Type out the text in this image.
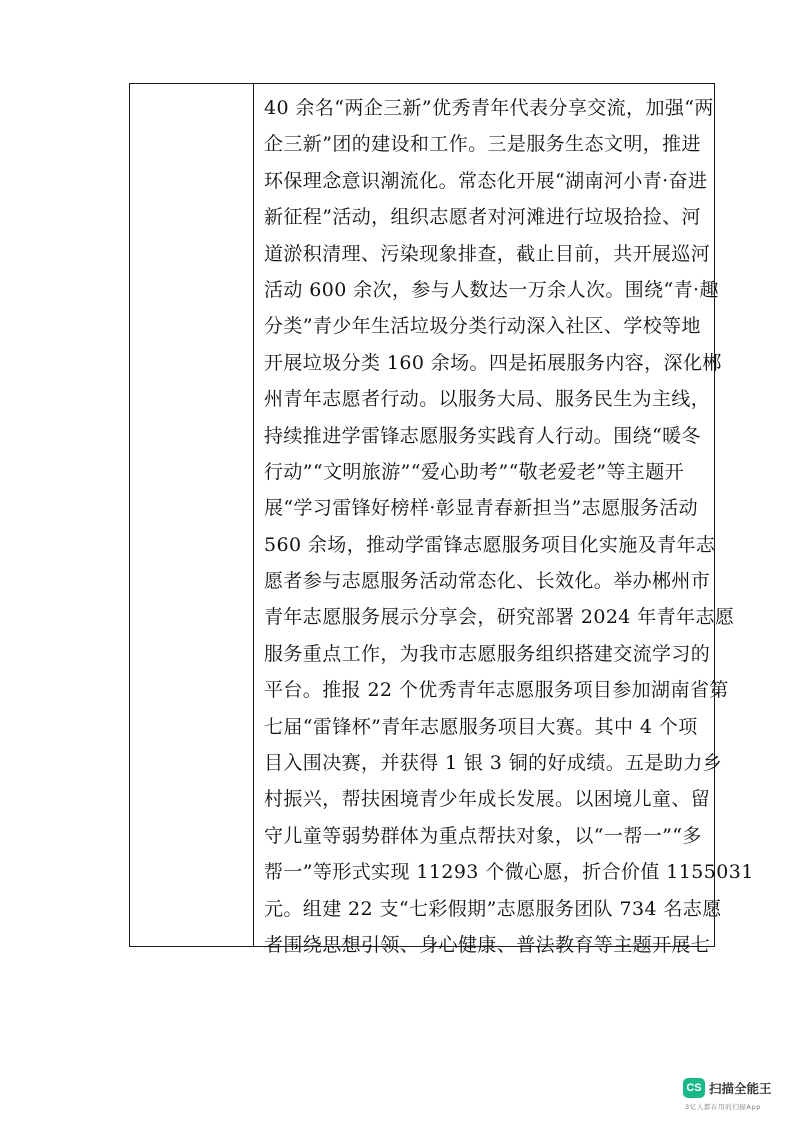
40 余名“两企三新”优秀青年代表分享交流，加强“两
企三新”团的建设和工作。三是服务生态文明，推进
环保理念意识潮流化。常态化开展“湖南河小青·奋进
新征程”活动，组织志愿者对河滩进行垃圾拾捡、河
道淤积清理、污染现象排查，截止目前，共开展巡河
活动 600 余次，参与人数达一万余人次。围绕“青·趣
分类”青少年生活垃圾分类行动深入社区、学校等地
开展垃圾分类 160 余场。四是拓展服务内容，深化郴
州青年志愿者行动。以服务大局、服务民生为主线，
持续推进学雷锋志愿服务实践育人行动。围绕“暖冬
行动”“文明旅游”“爱心助考”“敬老爱老”等主题开
展“学习雷锋好榜样·彰显青春新担当”志愿服务活动
560 余场，推动学雷锋志愿服务项目化实施及青年志
愿者参与志愿服务活动常态化、长效化。举办郴州市
青年志愿服务展示分享会，研究部署 2024 年青年志愿
服务重点工作，为我市志愿服务组织搭建交流学习的
平台。推报 22 个优秀青年志愿服务项目参加湖南省第
七届“雷锋杯”青年志愿服务项目大赛。其中 4 个项
目入围决赛，并获得 1 银 3 铜的好成绩。五是助力乡
村振兴，帮扶困境青少年成长发展。以困境儿童、留
守儿童等弱势群体为重点帮扶对象，以“一帮一”“多
帮一”等形式实现 11293 个微心愿，折合价值 1155031
元。组建 22 支“七彩假期”志愿服务团队 734 名志愿
者围绕思想引领、身心健康、普法教育等主题开展七
CS 扫描全能王
3亿人都在用的扫描App
